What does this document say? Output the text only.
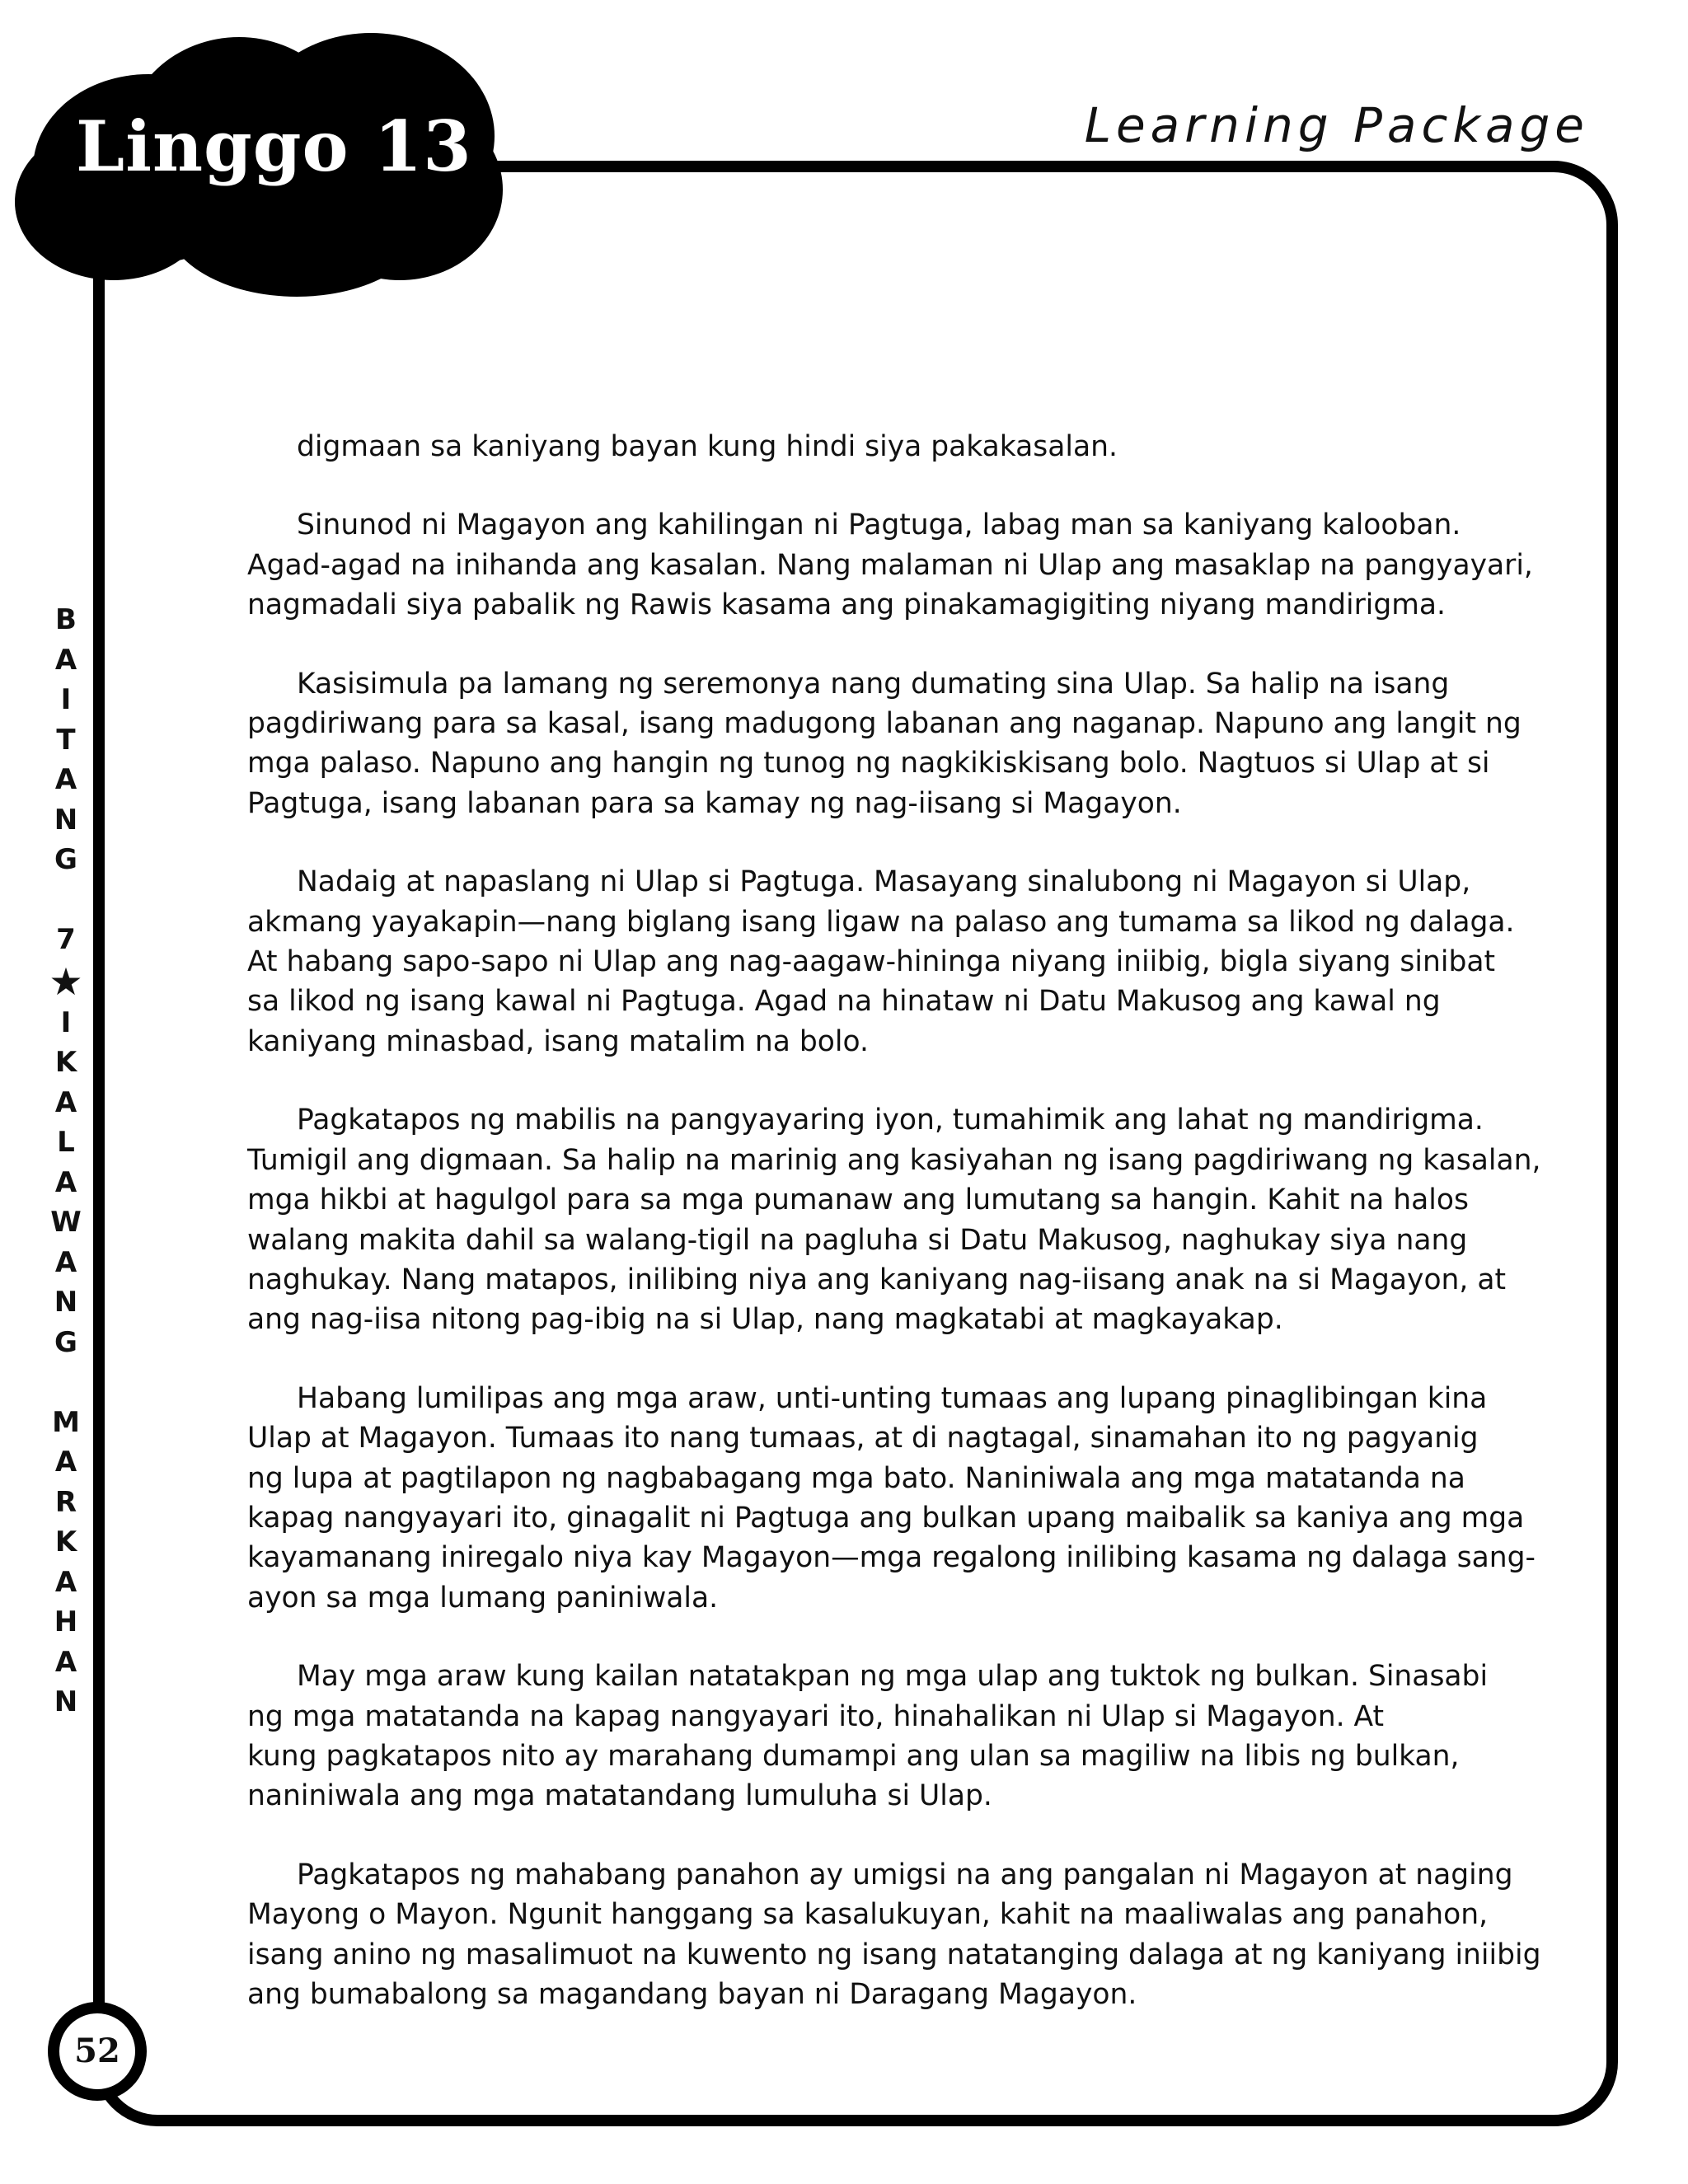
Linggo 13	Learning Package
B
A
I
T
A
N
G
7
★
I
K
A
L
A
W
A
N
G
M
A
R
K
A
H
A
N
52

digmaan sa kaniyang bayan kung hindi siya pakakasalan.

Sinunod ni Magayon ang kahilingan ni Pagtuga, labag man sa kaniyang kalooban.
Agad-agad na inihanda ang kasalan. Nang malaman ni Ulap ang masaklap na pangyayari,
nagmadali siya pabalik ng Rawis kasama ang pinakamagigiting niyang mandirigma.

Kasisimula pa lamang ng seremonya nang dumating sina Ulap. Sa halip na isang
pagdiriwang para sa kasal, isang madugong labanan ang naganap. Napuno ang langit ng
mga palaso. Napuno ang hangin ng tunog ng nagkikiskisang bolo. Nagtuos si Ulap at si
Pagtuga, isang labanan para sa kamay ng nag-iisang si Magayon.

Nadaig at napaslang ni Ulap si Pagtuga. Masayang sinalubong ni Magayon si Ulap,
akmang yayakapin—nang biglang isang ligaw na palaso ang tumama sa likod ng dalaga.
At habang sapo-sapo ni Ulap ang nag-aagaw-hininga niyang iniibig, bigla siyang sinibat
sa likod ng isang kawal ni Pagtuga. Agad na hinataw ni Datu Makusog ang kawal ng
kaniyang minasbad, isang matalim na bolo.

Pagkatapos ng mabilis na pangyayaring iyon, tumahimik ang lahat ng mandirigma.
Tumigil ang digmaan. Sa halip na marinig ang kasiyahan ng isang pagdiriwang ng kasalan,
mga hikbi at hagulgol para sa mga pumanaw ang lumutang sa hangin. Kahit na halos
walang makita dahil sa walang-tigil na pagluha si Datu Makusog, naghukay siya nang
naghukay. Nang matapos, inilibing niya ang kaniyang nag-iisang anak na si Magayon, at
ang nag-iisa nitong pag-ibig na si Ulap, nang magkatabi at magkayakap.

Habang lumilipas ang mga araw, unti-unting tumaas ang lupang pinaglibingan kina
Ulap at Magayon. Tumaas ito nang tumaas, at di nagtagal, sinamahan ito ng pagyanig
ng lupa at pagtilapon ng nagbabagang mga bato. Naniniwala ang mga matatanda na
kapag nangyayari ito, ginagalit ni Pagtuga ang bulkan upang maibalik sa kaniya ang mga
kayamanang iniregalo niya kay Magayon—mga regalong inilibing kasama ng dalaga sang-
ayon sa mga lumang paniniwala.

May mga araw kung kailan natatakpan ng mga ulap ang tuktok ng bulkan. Sinasabi
ng mga matatanda na kapag nangyayari ito, hinahalikan ni Ulap si Magayon. At
kung pagkatapos nito ay marahang dumampi ang ulan sa magiliw na libis ng bulkan,
naniniwala ang mga matatandang lumuluha si Ulap.

Pagkatapos ng mahabang panahon ay umigsi na ang pangalan ni Magayon at naging
Mayong o Mayon. Ngunit hanggang sa kasalukuyan, kahit na maaliwalas ang panahon,
isang anino ng masalimuot na kuwento ng isang natatanging dalaga at ng kaniyang iniibig
ang bumabalong sa magandang bayan ni Daragang Magayon.
